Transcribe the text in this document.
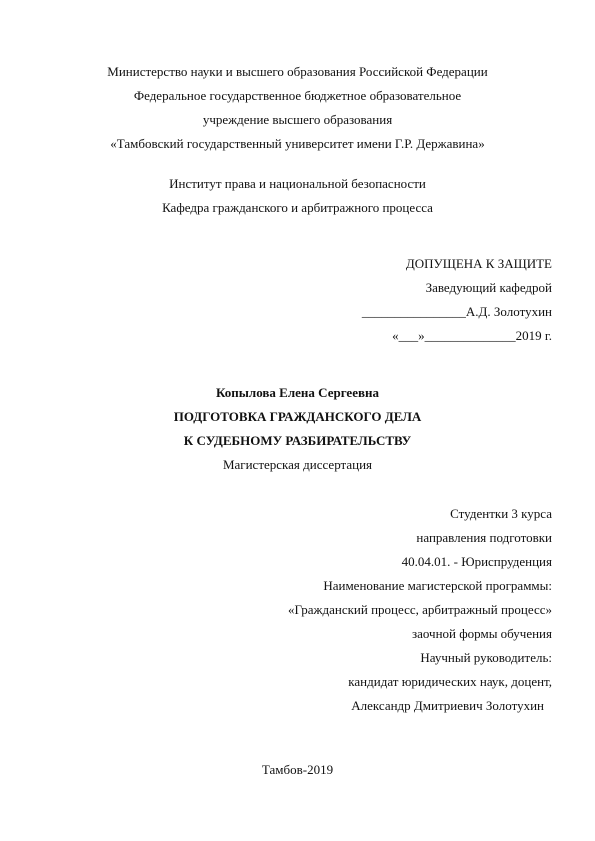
Министерство науки и высшего образования Российской Федерации
Федеральное государственное бюджетное образовательное
учреждение высшего образования
«Тамбовский государственный университет имени Г.Р. Державина»
Институт права и национальной безопасности
Кафедра гражданского и арбитражного процесса
ДОПУЩЕНА К ЗАЩИТЕ
Заведующий кафедрой
________________А.Д. Золотухин
«___»______________2019 г.
Копылова Елена Сергеевна
ПОДГОТОВКА ГРАЖДАНСКОГО ДЕЛА
К СУДЕБНОМУ РАЗБИРАТЕЛЬСТВУ
Магистерская диссертация
Студентки 3 курса
направления подготовки
40.04.01. - Юриспруденция
Наименование магистерской программы:
«Гражданский процесс, арбитражный процесс»
заочной формы обучения
Научный руководитель:
кандидат юридических наук, доцент,
Александр Дмитриевич Золотухин
Тамбов-2019
